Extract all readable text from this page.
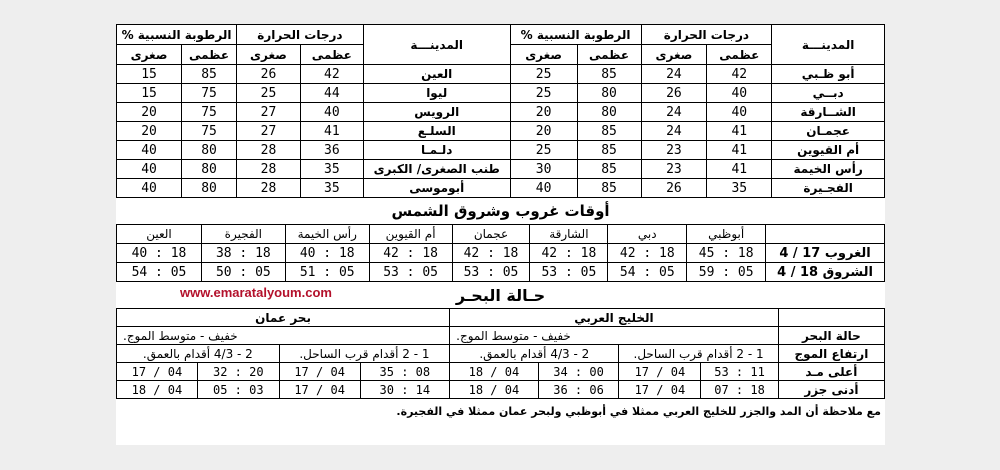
المدينـــة	درجات الحرارة		الرطوبة النسبية %		المدينـــة	درجات الحرارة		الرطوبة النسبية %	
	عظمى	صغرى	عظمى	صغرى		عظمى	صغرى	عظمى	صغرى
أبو ظـبي	42	24	85	25	العين	42	26	85	15
دبــي	40	26	80	25	ليوا	44	25	75	15
الشــارقة	40	24	80	20	الرويس	40	27	75	20
عجمـان	41	24	85	20	السلـع	41	27	75	20
أم القيوين	41	23	85	25	دلـمـا	36	28	80	40
رأس الخيمة	41	23	85	30	طنب الصغرى/ الكبرى	35	28	80	40
الفجـيرة	35	26	85	40	أبوموسى	35	28	80	40
أوقات غروب وشروق الشمس
	أبوظبي	دبي	الشارقة	عجمان	أم القيوين	رأس الخيمة	الفجيرة	العين
الغروب 17 / 4	18 : 45	18 : 42	18 : 42	18 : 42	18 : 42	18 : 40	18 : 38	18 : 40
الشروق 18 / 4	05 : 59	05 : 54	05 : 53	05 : 53	05 : 53	05 : 51	05 : 50	05 : 54
حـالة البحـر
www.emaratalyoum.com
	الخليج العربي				بحر عمان			

حالة البحر	خفيف - متوسط الموج.				خفيف - متوسط الموج.			
ارتفاع الموج	1 - 2 أقدام قرب الساحل.		2 - 4/3 أقدام بالعمق.		1 - 2 أقدام قرب الساحل.		2 - 4/3 أقدام بالعمق.	
أعلى مـد	11 : 53	04 / 17	00 : 34	04 / 18	08 : 35	04 / 17	20 : 32	04 / 17
أدنى جزر	18 : 07	04 / 17	06 : 36	04 / 18	14 : 30	04 / 17	03 : 05	04 / 18
مع ملاحظة أن المد والجزر للخليج العربي ممثلا في أبوظبي ولبحر عمان ممثلا في الفجيرة.
